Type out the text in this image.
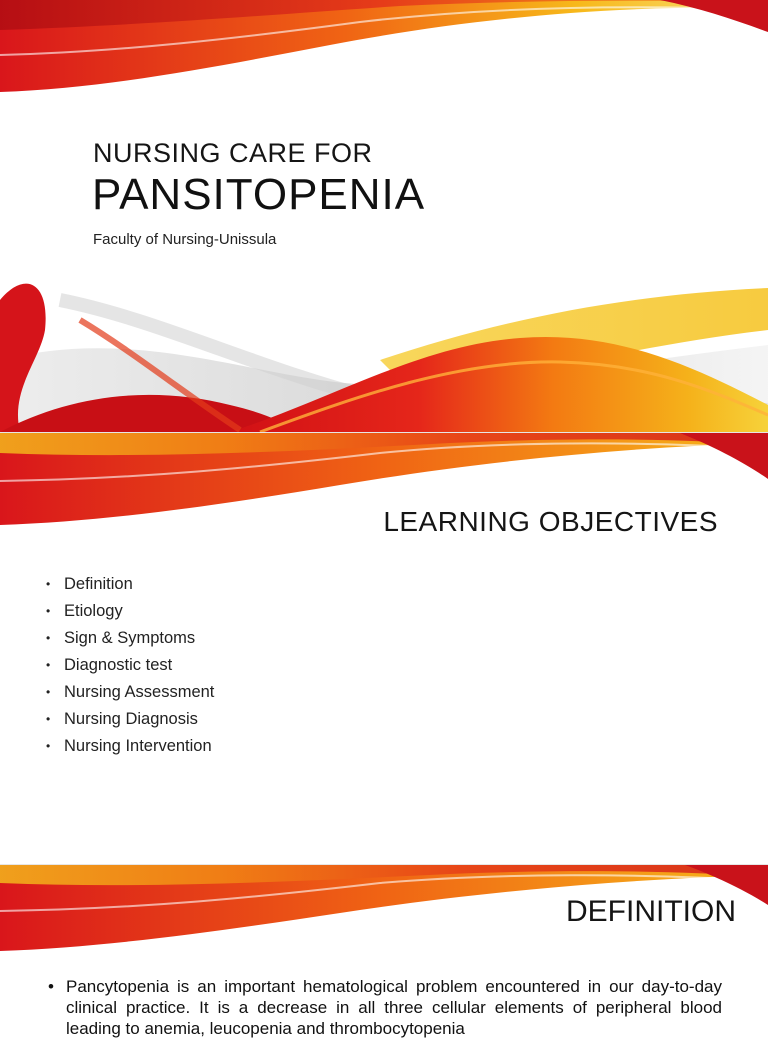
NURSING CARE FOR
PANSITOPENIA
Faculty of Nursing-Unissula
LEARNING OBJECTIVES
• Definition
• Etiology
• Sign & Symptoms
• Diagnostic test
• Nursing Assessment
• Nursing Diagnosis
• Nursing Intervention
DEFINITION
• Pancytopenia is an important hematological problem encountered in our day-to-day clinical practice. It is a decrease in all three cellular elements of peripheral blood leading to anemia, leucopenia and thrombocytopenia
